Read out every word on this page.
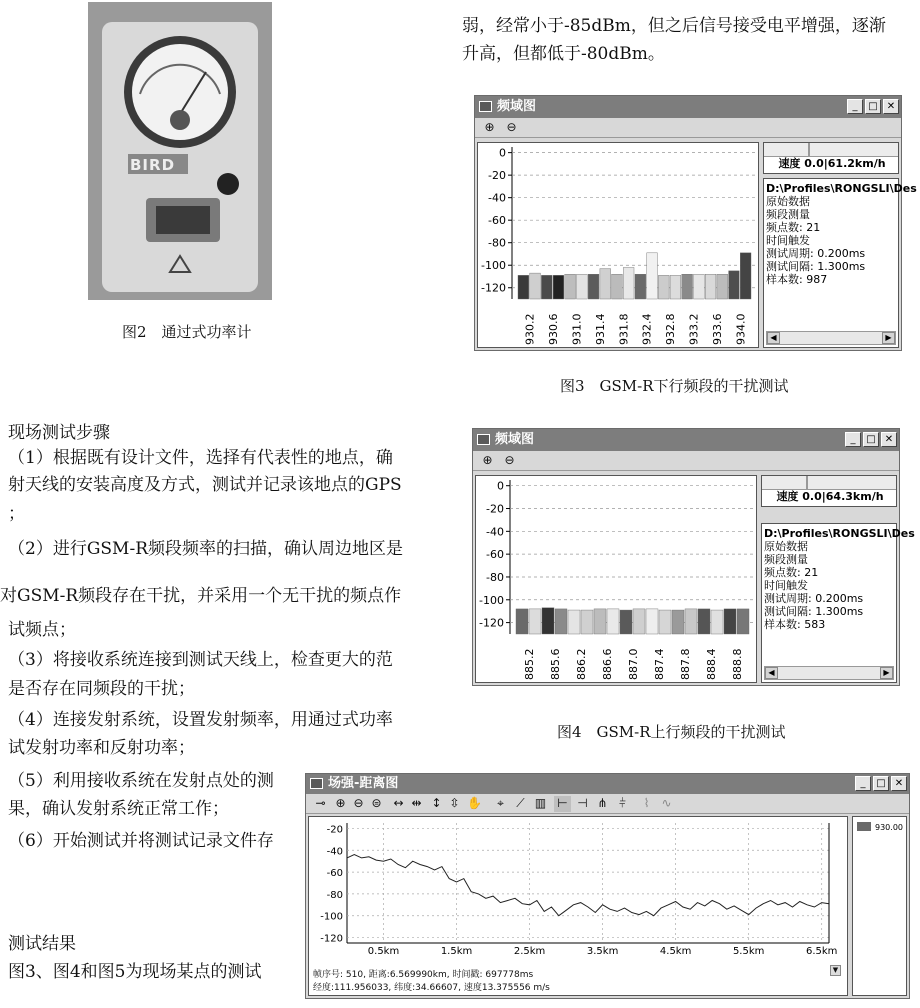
BIRD
图2　通过式功率计
现场测试步骤
（1）根据既有设计文件，选择有代表性的地点，确
射天线的安装高度及方式，测试并记录该地点的GPS
；
（2）进行GSM-R频段频率的扫描，确认周边地区是
对GSM-R频段存在干扰，并采用一个无干扰的频点作
试频点；
（3）将接收系统连接到测试天线上，检查更大的范
是否存在同频段的干扰；
（4）连接发射系统，设置发射频率，用通过式功率
试发射功率和反射功率；
（5）利用接收系统在发射点处的测
果，确认发射系统正常工作；
（6）开始测试并将测试记录文件存
测试结果
图3、图4和图5为现场某点的测试
弱，经常小于-85dBm，但之后信号接受电平增强，逐渐
升高，但都低于-80dBm。
频域图	_	□ ✕
⊕ ⊖
0
-20
-40
-60
-80
-100
-120
930.2 930.6 931.0 931.4 931.8 932.4 932.8 933.2 933.6 934.0
速度 0.0|61.2km/h
D:\Profiles\RONGSLI\Des
原始数据
频段测量
频点数: 21
时间触发
测试周期: 0.200ms
测试间隔: 1.300ms
样本数: 987
◀	▶
图3　GSM-R下行频段的干扰测试
频域图	_	□ ✕
⊕ ⊖
0
-20
-40
-60
-80
-100
-120
885.2 885.6 886.2 886.6 887.0 887.4 887.8 888.4 888.8
速度 0.0|64.3km/h
D:\Profiles\RONGSLI\Des
原始数据
频段测量
频点数: 21
时间触发
测试周期: 0.200ms
测试间隔: 1.300ms
样本数: 583
◀	▶
图4　GSM-R上行频段的干扰测试
场强-距离图	_	□ ✕
⊸ ⊕ ⊖ ⊜ ↔ ⇹ ↕ ⇳ ✋	⌖	⟋ ▥ ⊢ ⊣ ⋔ ⫩	⌇	∿
-20
-40
-60
-80
-100
-120
0.5km	1.5km	2.5km	3.5km	4.5km	5.5km	6.5km
帧序号: 510, 距离:6.569990km, 时间戳: 697778ms
经度:111.956033, 纬度:34.66607, 速度13.375556 m/s
▼
930.00
